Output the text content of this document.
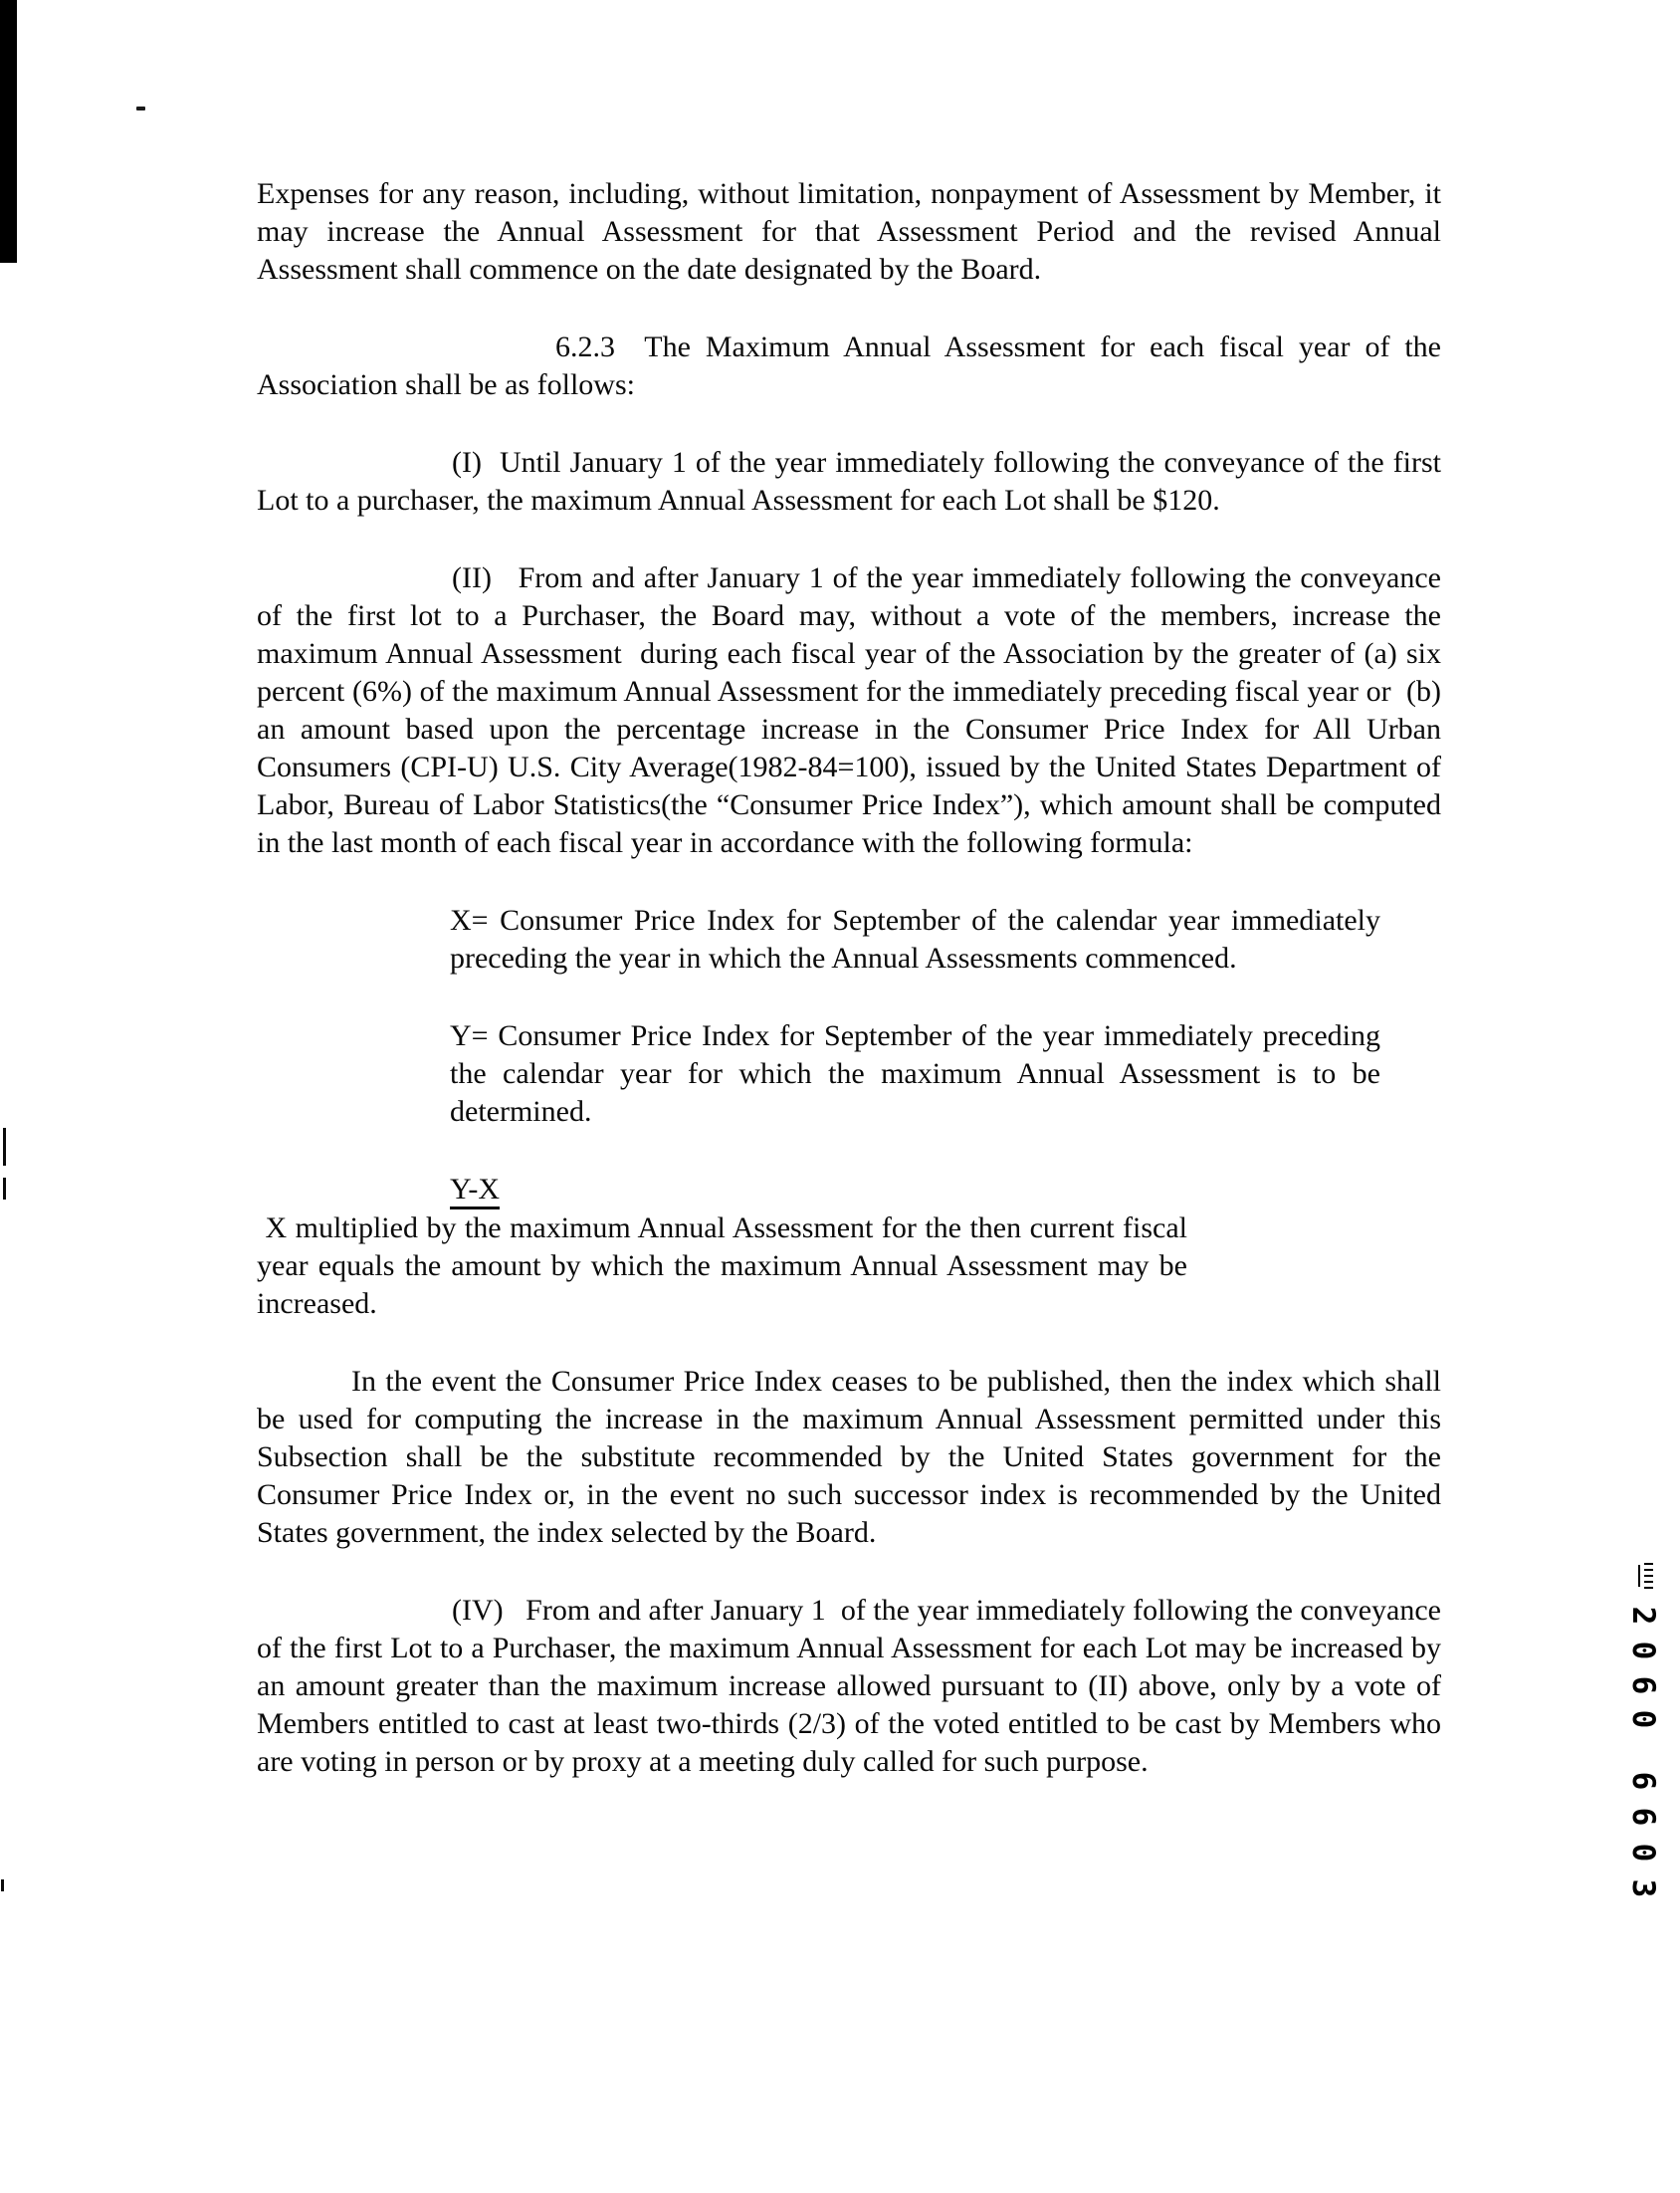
Expenses for any reason, including, without limitation, nonpayment of Assessment by Member, it may increase the Annual Assessment for that Assessment Period and the revised Annual Assessment shall commence on the date designated by the Board.

6.2.3  The Maximum Annual Assessment for each fiscal year of the Association shall be as follows:

(I)  Until January 1 of the year immediately following the conveyance of the first Lot to a purchaser, the maximum Annual Assessment for each Lot shall be $120.

(II)   From and after January 1 of the year immediately following the conveyance of the first lot to a Purchaser, the Board may, without a vote of the members, increase the maximum Annual Assessment  during each fiscal year of the Association by the greater of (a) six percent (6%) of the maximum Annual Assessment for the immediately preceding fiscal year or  (b) an amount based upon the percentage increase in the Consumer Price Index for All Urban Consumers (CPI-U) U.S. City Average(1982-84=100), issued by the United States Department of Labor, Bureau of Labor Statistics(the “Consumer Price Index”), which amount shall be computed in the last month of each fiscal year in accordance with the following formula:

X= Consumer Price Index for September of the calendar year immediately preceding the year in which the Annual Assessments commenced.

Y= Consumer Price Index for September of the year immediately preceding the calendar year for which the maximum Annual Assessment is to be determined.

Y-X

X multiplied by the maximum Annual Assessment for the then current fiscal year equals the amount by which the maximum Annual Assessment may be increased.

In the event the Consumer Price Index ceases to be published, then the index which shall be used for computing the increase in the maximum Annual Assessment permitted under this Subsection shall be the substitute recommended by the United States government for the Consumer Price Index or, in the event no such successor index is recommended by the United States government, the index selected by the Board.

(IV)   From and after January 1  of the year immediately following the conveyance of the first Lot to a Purchaser, the maximum Annual Assessment for each Lot may be increased by an amount greater than the maximum increase allowed pursuant to (II) above, only by a vote of Members entitled to cast at least two-thirds (2/3) of the voted entitled to be cast by Members who are voting in person or by proxy at a meeting duly called for such purpose.

2
0
6
0
6
6
0
3
